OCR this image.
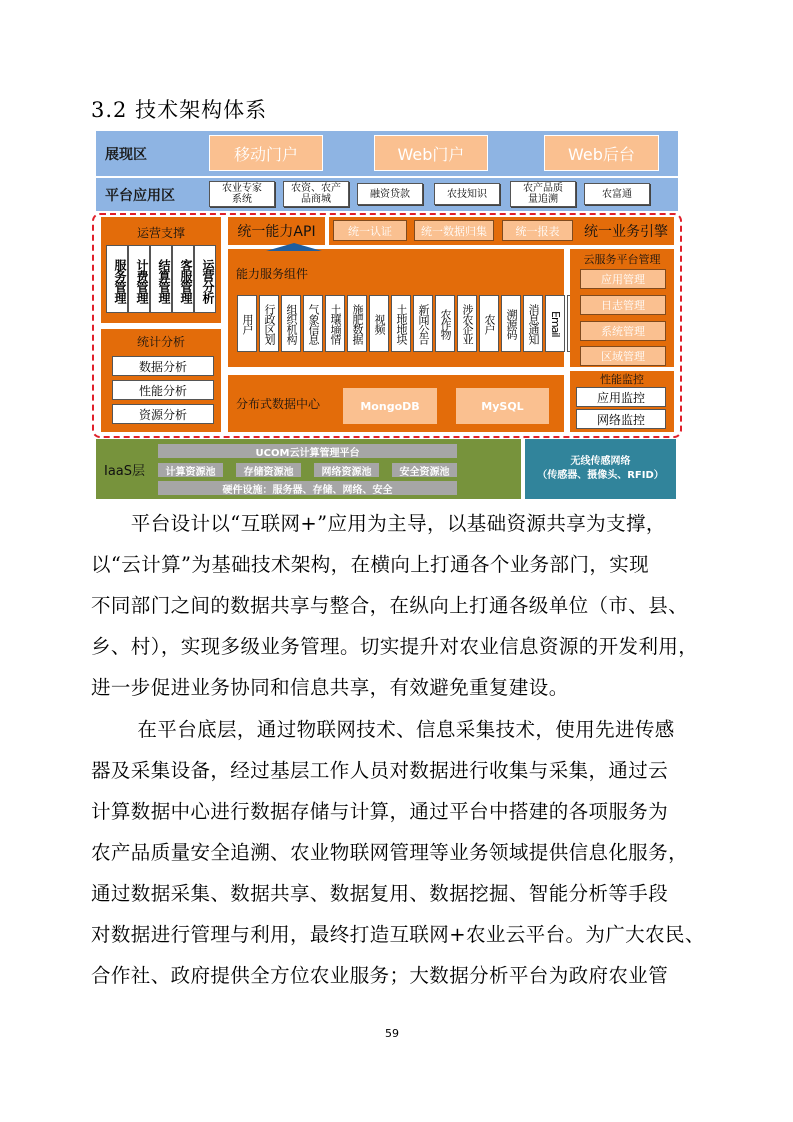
3.2 技术架构体系
展现区	移动门户	Web门户	Web后台
平台应用区	农业专家
系统
农资、农产
品商城	融资贷款	农技知识	农产品质
量追溯	农富通
运营支撑
服务管理 计费管理 结算管理 客服管理 运营分析
统计分析
数据分析
性能分析
资源分析
统一能力API	统一认证	统一数据归集	统一报表	统一业务引擎
能力服务组件
用户 行政区划 组织机构 气象信息 土壤墒情 施肥数据 视频 土地地块 新闻公告 农作物 涉农企业 农户 溯源码 消息通知 Email
分布式数据中心	MongoDB	MySQL
云服务平台管理
应用管理
日志管理
系统管理
区域管理
性能监控
应用监控
网络监控
IaaS层
UCOM云计算管理平台
计算资源池	存储资源池	网络资源池	安全资源池
硬件设施：服务器、存储、网络、安全
无线传感网络
（传感器、摄像头、RFID）

　　平台设计以“互联网+”应用为主导，以基础资源共享为支撑，

以“云计算”为基础技术架构，在横向上打通各个业务部门，实现

不同部门之间的数据共享与整合，在纵向上打通各级单位（市、县、

乡、村），实现多级业务管理。切实提升对农业信息资源的开发利用，

进一步促进业务协同和信息共享，有效避免重复建设。

　　 在平台底层，通过物联网技术、信息采集技术，使用先进传感

器及采集设备，经过基层工作人员对数据进行收集与采集，通过云

计算数据中心进行数据存储与计算，通过平台中搭建的各项服务为

农产品质量安全追溯、农业物联网管理等业务领域提供信息化服务，

通过数据采集、数据共享、数据复用、数据挖掘、智能分析等手段

对数据进行管理与利用，最终打造互联网+农业云平台。为广大农民、

合作社、政府提供全方位农业服务；大数据分析平台为政府农业管

59
